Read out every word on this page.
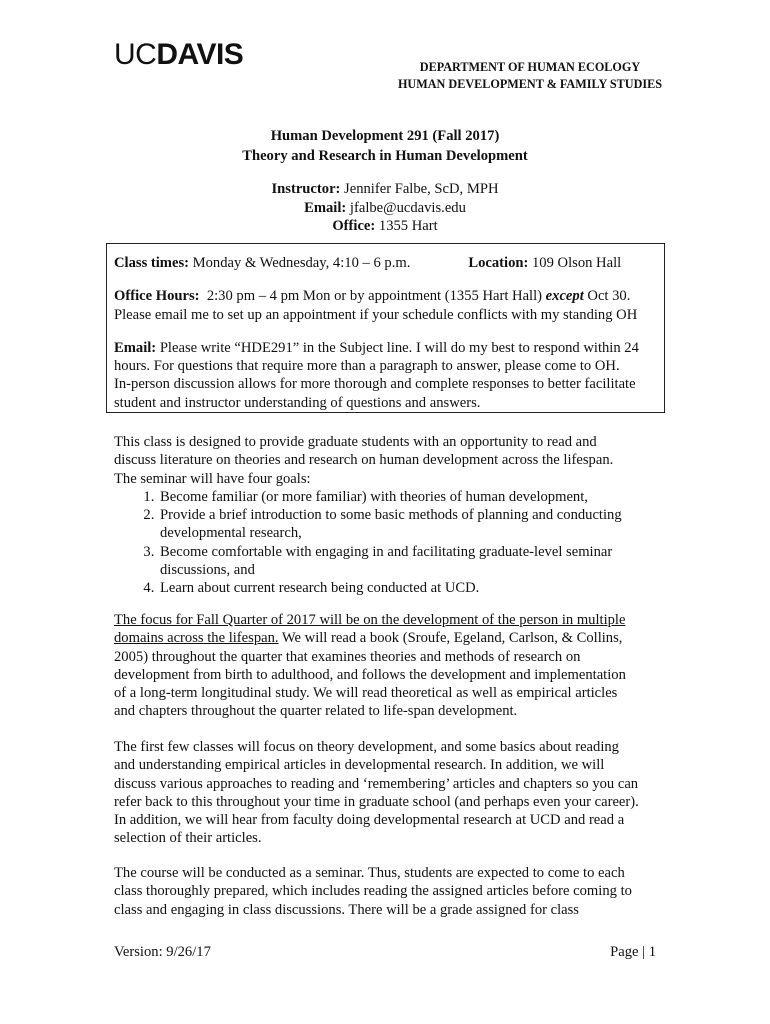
UCDAVIS	DEPARTMENT OF HUMAN ECOLOGY
HUMAN DEVELOPMENT & FAMILY STUDIES
Human Development 291 (Fall 2017)
Theory and Research in Human Development
Instructor: Jennifer Falbe, ScD, MPH
Email: jfalbe@ucdavis.edu
Office: 1355 Hart

Class times: Monday & Wednesday, 4:10 – 6 p.m.	Location: 109 Olson Hall

Office Hours:  2:30 pm – 4 pm Mon or by appointment (1355 Hart Hall) except Oct 30.

Please email me to set up an appointment if your schedule conflicts with my standing OH

Email: Please write “HDE291” in the Subject line. I will do my best to respond within 24

hours. For questions that require more than a paragraph to answer, please come to OH.

In-person discussion allows for more thorough and complete responses to better facilitate

student and instructor understanding of questions and answers.

This class is designed to provide graduate students with an opportunity to read and

discuss literature on theories and research on human development across the lifespan.

The seminar will have four goals:

1. Become familiar (or more familiar) with theories of human development,
2. Provide a brief introduction to some basic methods of planning and conducting developmental research,
3. Become comfortable with engaging in and facilitating graduate-level seminar discussions, and
4. Learn about current research being conducted at UCD.

The focus for Fall Quarter of 2017 will be on the development of the person in multiple

domains across the lifespan. We will read a book (Sroufe, Egeland, Carlson, & Collins,

2005) throughout the quarter that examines theories and methods of research on

development from birth to adulthood, and follows the development and implementation

of a long-term longitudinal study. We will read theoretical as well as empirical articles

and chapters throughout the quarter related to life-span development.

The first few classes will focus on theory development, and some basics about reading

and understanding empirical articles in developmental research. In addition, we will

discuss various approaches to reading and ‘remembering’ articles and chapters so you can

refer back to this throughout your time in graduate school (and perhaps even your career).

In addition, we will hear from faculty doing developmental research at UCD and read a

selection of their articles.

The course will be conducted as a seminar. Thus, students are expected to come to each

class thoroughly prepared, which includes reading the assigned articles before coming to

class and engaging in class discussions. There will be a grade assigned for class

Version: 9/26/17	Page | 1
